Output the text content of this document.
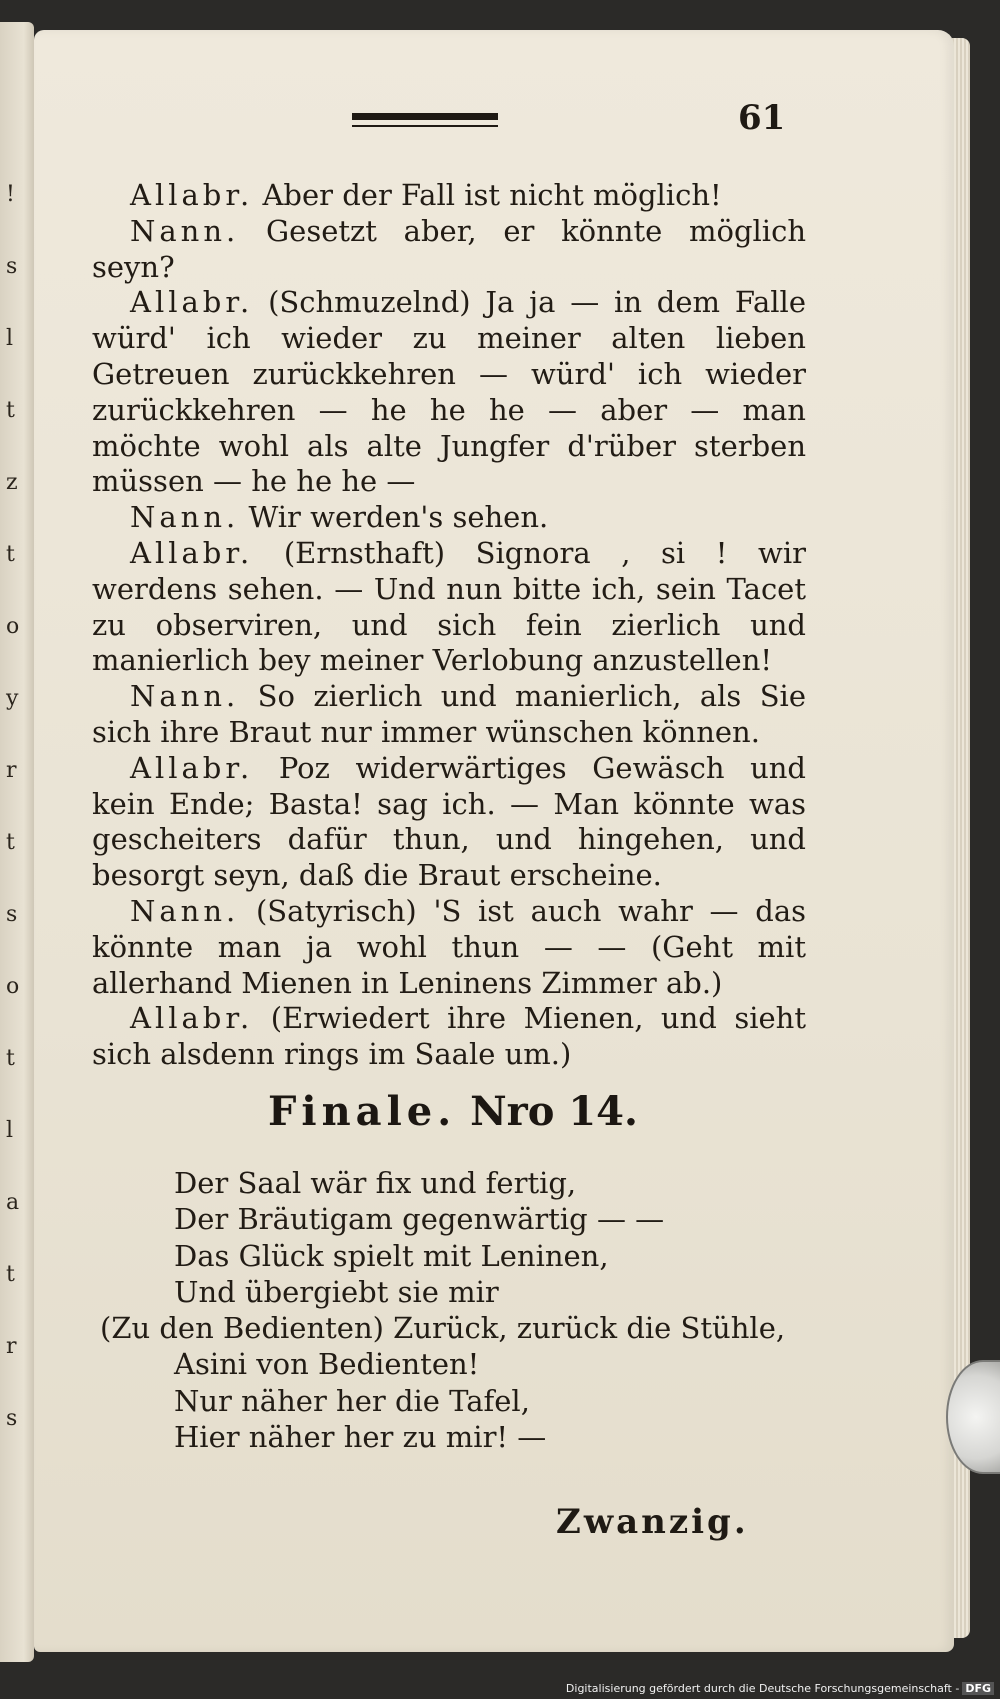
!
s
l
t
z
t
o
y
r
t
s
o
t
l
a
t
r
s
61

Allabr. Aber der Fall ist nicht möglich!

Nann. Gesetzt aber, er könnte möglich seyn?

Allabr. (Schmuzelnd) Ja ja — in dem Falle würd' ich wieder zu meiner alten lieben Getreuen zurückkehren — würd' ich wieder zurückkehren — he he he — aber — man möchte wohl als alte Jungfer d'rüber sterben müssen — he he he —

Nann. Wir werden's sehen.

Allabr. (Ernsthaft) Signora , si ! wir werdens sehen. — Und nun bitte ich, sein Tacet zu observiren, und sich fein zierlich und manierlich bey meiner Verlobung anzustellen!

Nann. So zierlich und manierlich, als Sie sich ihre Braut nur immer wünschen können.

Allabr. Poz widerwärtiges Gewäsch und kein Ende; Basta! sag ich. — Man könnte was gescheiters dafür thun, und hingehen, und besorgt seyn, daß die Braut erscheine.

Nann. (Satyrisch) 'S ist auch wahr — das könnte man ja wohl thun — — (Geht mit allerhand Mienen in Leninens Zimmer ab.)

Allabr. (Erwiedert ihre Mienen, und sieht sich alsdenn rings im Saale um.)

Finale. Nro 14.
Der Saal wär fix und fertig,
Der Bräutigam gegenwärtig — —
Das Glück spielt mit Leninen,
Und übergiebt sie mir
(Zu den Bedienten) Zurück, zurück die Stühle,
Asini von Bedienten!
Nur näher her die Tafel,
Hier näher her zu mir! —
Zwanzig.
Digitalisierung gefördert durch die Deutsche Forschungsgemeinschaft - DFG
